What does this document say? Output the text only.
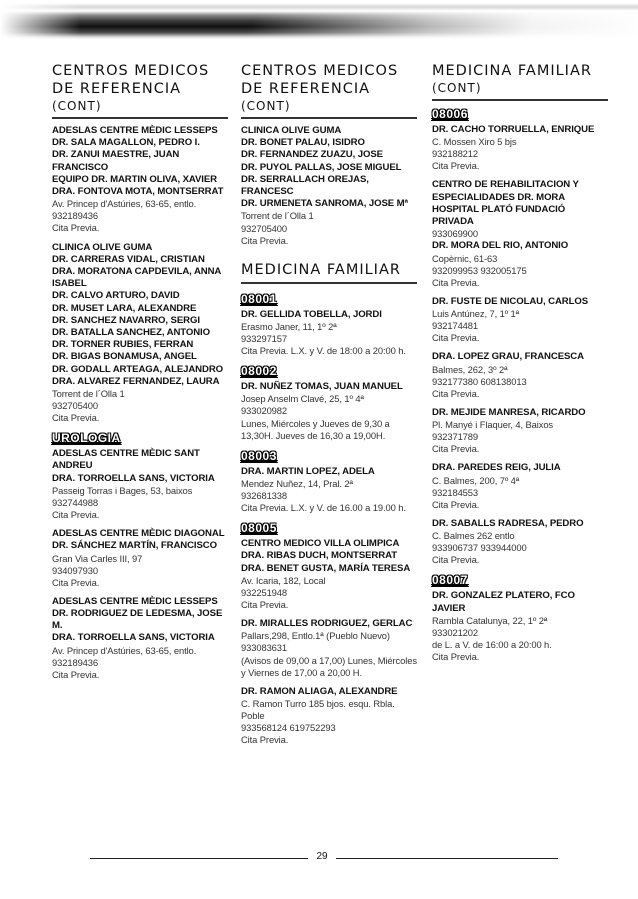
CENTROS MEDICOS
DE REFERENCIA
(CONT)
ADESLAS CENTRE MÈDIC LESSEPS
DR. SALA MAGALLON, PEDRO I.
DR. ZANUI MAESTRE, JUAN FRANCISCO
EQUIPO DR. MARTIN OLIVA, XAVIER
DRA. FONTOVA MOTA, MONTSERRAT
Av. Princep d'Astúries, 63-65, entlo.
932189436
Cita Previa.
CLINICA OLIVE GUMA
DR. CARRERAS VIDAL, CRISTIAN
DRA. MORATONA CAPDEVILA, ANNA ISABEL
DR. CALVO ARTURO, DAVID
DR. MUSET LARA, ALEXANDRE
DR. SANCHEZ NAVARRO, SERGI
DR. BATALLA SANCHEZ, ANTONIO
DR. TORNER RUBIES, FERRAN
DR. BIGAS BONAMUSA, ANGEL
DR. GODALL ARTEAGA, ALEJANDRO
DRA. ALVAREZ FERNANDEZ, LAURA
Torrent de l´Olla 1
932705400
Cita Previa.
UROLOGIA
ADESLAS CENTRE MÈDIC SANT ANDREU
DRA. TORROELLA SANS, VICTORIA
Passeig Torras i Bages, 53, baixos
932744988
Cita Previa.
ADESLAS CENTRE MÈDIC DIAGONAL
DR. SÁNCHEZ MARTÍN, FRANCISCO
Gran Via Carles III, 97
934097930
Cita Previa.
ADESLAS CENTRE MÈDIC LESSEPS
DR. RODRIGUEZ DE LEDESMA, JOSE M.
DRA. TORROELLA SANS, VICTORIA
Av. Princep d'Astúries, 63-65, entlo.
932189436
Cita Previa.
CENTROS MEDICOS
DE REFERENCIA
(CONT)
CLINICA OLIVE GUMA
DR. BONET PALAU, ISIDRO
DR. FERNANDEZ ZUAZU, JOSE
DR. PUYOL PALLAS, JOSE MIGUEL
DR. SERRALLACH OREJAS, FRANCESC
DR. URMENETA SANROMA, JOSE Mª
Torrent de l´Olla 1
932705400
Cita Previa.
MEDICINA FAMILIAR
08001
DR. GELLIDA TOBELLA, JORDI
Erasmo Janer, 11, 1º 2ª
933297157
Cita Previa. L.X. y V. de 18:00 a 20:00 h.
08002
DR. NUÑEZ TOMAS, JUAN MANUEL
Josep Anselm Clavé, 25, 1º 4ª
933020982
Lunes, Miércoles y Jueves de 9,30 a 13,30H. Jueves de 16,30 a 19,00H.
08003
DRA. MARTIN LOPEZ, ADELA
Mendez Nuñez, 14, Pral. 2ª
932681338
Cita Previa. L.X. y V. de 16.00 a 19.00 h.
08005
CENTRO MEDICO VILLA OLIMPICA
DRA. RIBAS DUCH, MONTSERRAT
DRA. BENET GUSTA, MARÍA TERESA
Av. Icaria, 182, Local
932251948
Cita Previa.
DR. MIRALLES RODRIGUEZ, GERLAC
Pallars,298, Entlo.1ª (Pueblo Nuevo)
933083631
(Avisos de 09,00 a 17,00) Lunes, Miércoles y Viernes de 17,00 a 20,00 H.
DR. RAMON ALIAGA, ALEXANDRE
C. Ramon Turro 185 bjos. esqu. Rbla. Poble
933568124 619752293
Cita Previa.
MEDICINA FAMILIAR
(CONT)
08006
DR. CACHO TORRUELLA, ENRIQUE
C. Mossen Xiro 5 bjs
932188212
Cita Previa.
CENTRO DE REHABILITACION Y ESPECIALIDADES DR. MORA HOSPITAL PLATÓ FUNDACIÓ PRIVADA
933069900
DR. MORA DEL RIO, ANTONIO
Copèrnic, 61-63
932099953 932005175
Cita Previa.
DR. FUSTE DE NICOLAU, CARLOS
Luis Antúnez, 7, 1º 1ª
932174481
Cita Previa.
DRA. LOPEZ GRAU, FRANCESCA
Balmes, 262, 3º 2ª
932177380 608138013
Cita Previa.
DR. MEJIDE MANRESA, RICARDO
Pl. Manyé i Flaquer, 4, Baixos
932371789
Cita Previa.
DRA. PAREDES REIG, JULIA
C. Balmes, 200, 7º 4ª
932184553
Cita Previa.
DR. SABALLS RADRESA, PEDRO
C. Balmes 262 entlo
933906737 933944000
Cita Previa.
08007
DR. GONZALEZ PLATERO, FCO JAVIER
Rambla Catalunya, 22, 1º 2ª
933021202
de L. a V. de 16:00 a 20:00 h.
Cita Previa.
29
